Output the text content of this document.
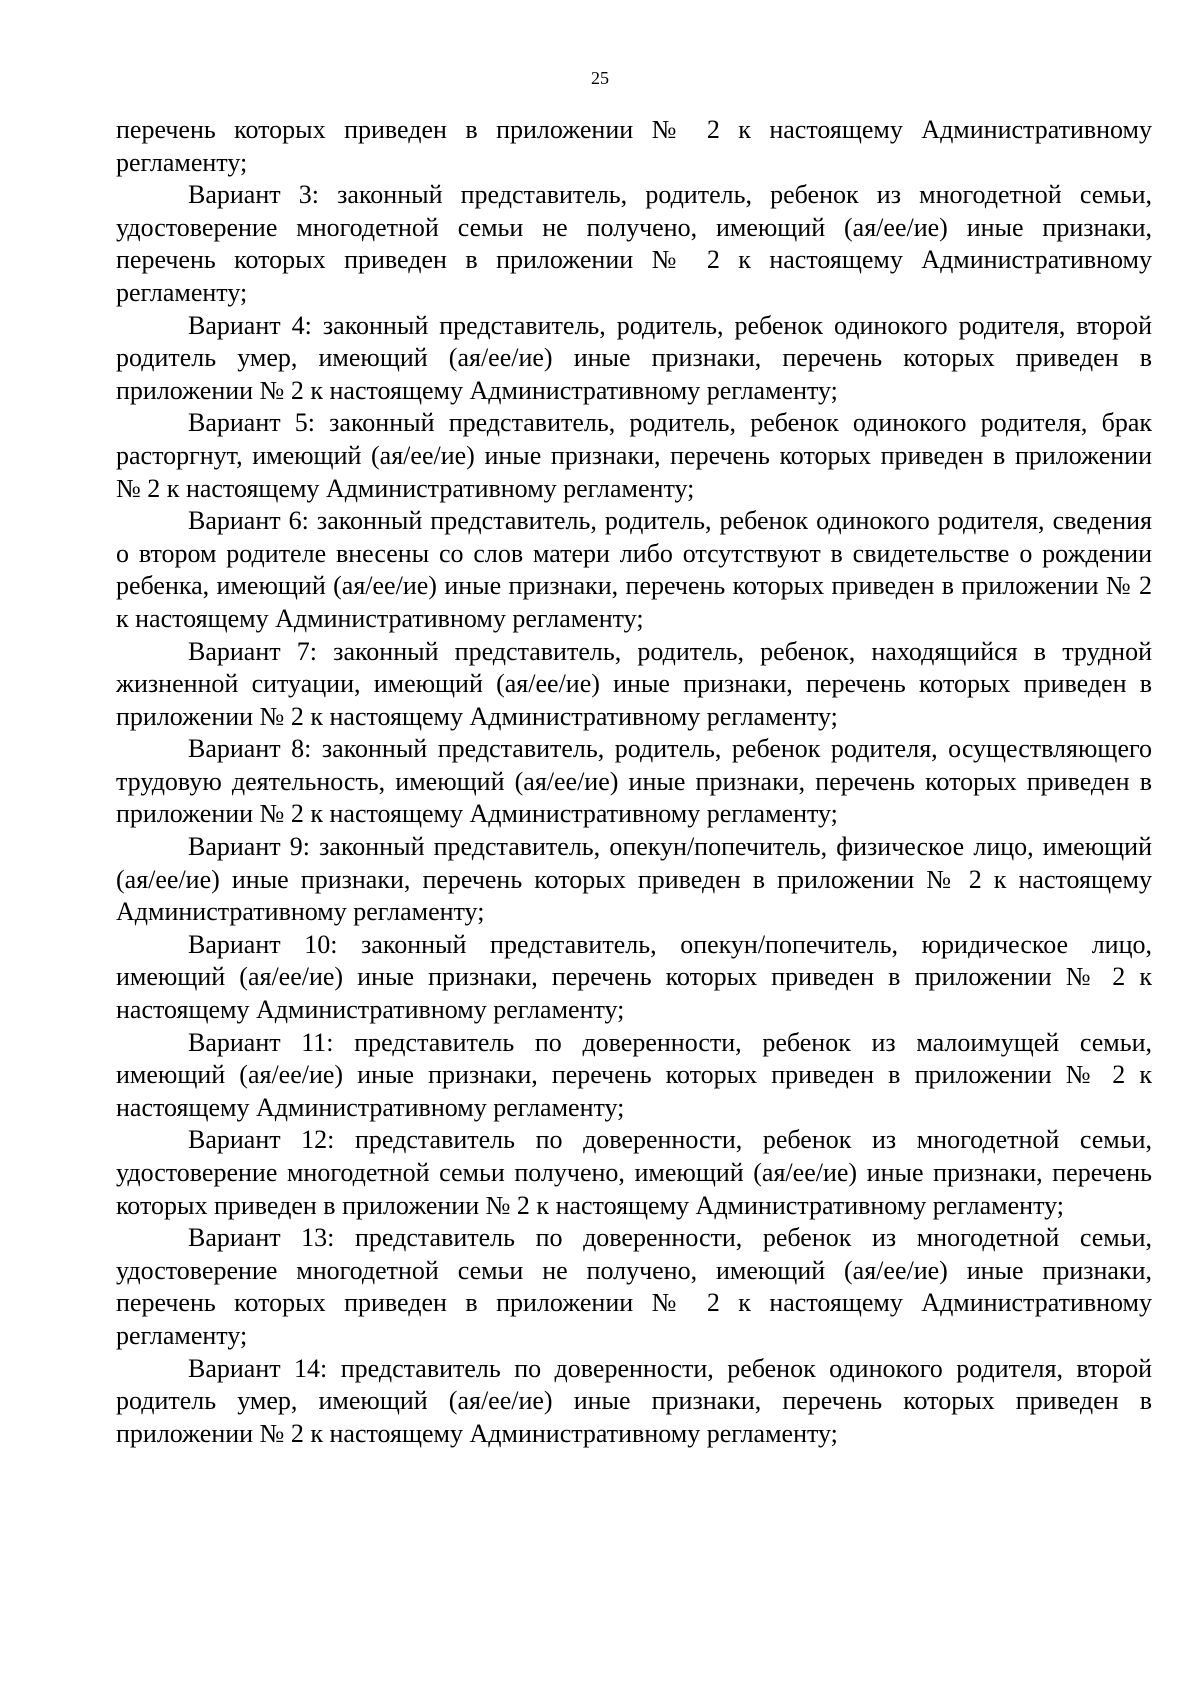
25

перечень которых приведен в приложении № 2 к настоящему Административному регламенту;

Вариант 3: законный представитель, родитель, ребенок из многодетной семьи, удостоверение многодетной семьи не получено, имеющий (ая/ее/ие) иные признаки, перечень которых приведен в приложении № 2 к настоящему Административному регламенту;

Вариант 4: законный представитель, родитель, ребенок одинокого родителя, второй родитель умер, имеющий (ая/ее/ие) иные признаки, перечень которых приведен в приложении № 2 к настоящему Административному регламенту;

Вариант 5: законный представитель, родитель, ребенок одинокого родителя, брак расторгнут, имеющий (ая/ее/ие) иные признаки, перечень которых приведен в приложении № 2 к настоящему Административному регламенту;

Вариант 6: законный представитель, родитель, ребенок одинокого родителя, сведения о втором родителе внесены со слов матери либо отсутствуют в свидетельстве о рождении ребенка, имеющий (ая/ее/ие) иные признаки, перечень которых приведен в приложении № 2 к настоящему Административному регламенту;

Вариант 7: законный представитель, родитель, ребенок, находящийся в трудной жизненной ситуации, имеющий (ая/ее/ие) иные признаки, перечень которых приведен в приложении № 2 к настоящему Административному регламенту;

Вариант 8: законный представитель, родитель, ребенок родителя, осуществляющего трудовую деятельность, имеющий (ая/ее/ие) иные признаки, перечень которых приведен в приложении № 2 к настоящему Административному регламенту;

Вариант 9: законный представитель, опекун/попечитель, физическое лицо, имеющий (ая/ее/ие) иные признаки, перечень которых приведен в приложении № 2 к настоящему Административному регламенту;

Вариант 10: законный представитель, опекун/попечитель, юридическое лицо, имеющий (ая/ее/ие) иные признаки, перечень которых приведен в приложении № 2 к настоящему Административному регламенту;

Вариант 11: представитель по доверенности, ребенок из малоимущей семьи, имеющий (ая/ее/ие) иные признаки, перечень которых приведен в приложении № 2 к настоящему Административному регламенту;

Вариант 12: представитель по доверенности, ребенок из многодетной семьи, удостоверение многодетной семьи получено, имеющий (ая/ее/ие) иные признаки, перечень которых приведен в приложении № 2 к настоящему Административному регламенту;

Вариант 13: представитель по доверенности, ребенок из многодетной семьи, удостоверение многодетной семьи не получено, имеющий (ая/ее/ие) иные признаки, перечень которых приведен в приложении № 2 к настоящему Административному регламенту;

Вариант 14: представитель по доверенности, ребенок одинокого родителя, второй родитель умер, имеющий (ая/ее/ие) иные признаки, перечень которых приведен в приложении № 2 к настоящему Административному регламенту;
